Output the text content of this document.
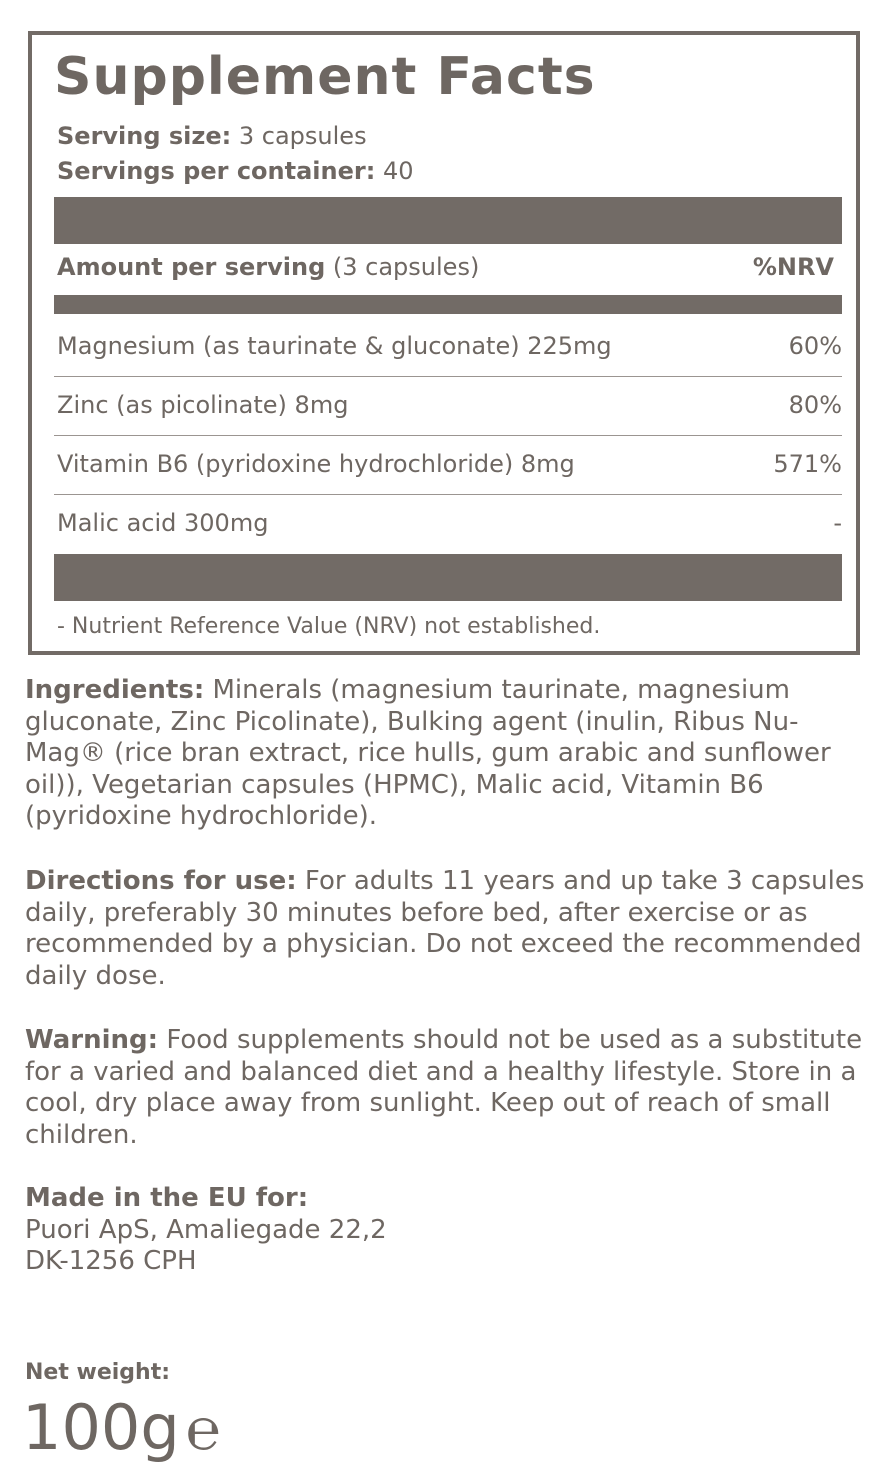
Supplement Facts
Serving size: 3 capsules
Servings per container: 40
Amount per serving (3 capsules)	%NRV
Magnesium (as taurinate & gluconate) 225mg	60%
Zinc (as picolinate) 8mg	80%
Vitamin B6 (pyridoxine hydrochloride) 8mg	571%
Malic acid 300mg	-
- Nutrient Reference Value (NRV) not established.

Ingredients: Minerals (magnesium taurinate, magnesium gluconate, Zinc Picolinate), Bulking agent (inulin, Ribus Nu-Mag® (rice bran extract, rice hulls, gum arabic and sunflower oil)), Vegetarian capsules (HPMC), Malic acid, Vitamin B6 (pyridoxine hydrochloride).

Directions for use: For adults 11 years and up take 3 capsules daily, preferably 30 minutes before bed, after exercise or as recommended by a physician. Do not exceed the recommended daily dose.

Warning: Food supplements should not be used as a substitute for a varied and balanced diet and a healthy lifestyle. Store in a cool, dry place away from sunlight. Keep out of reach of small children.

Made in the EU for:
Puori ApS, Amaliegade 22,2
DK-1256 CPH

Net weight:
100g ℮
